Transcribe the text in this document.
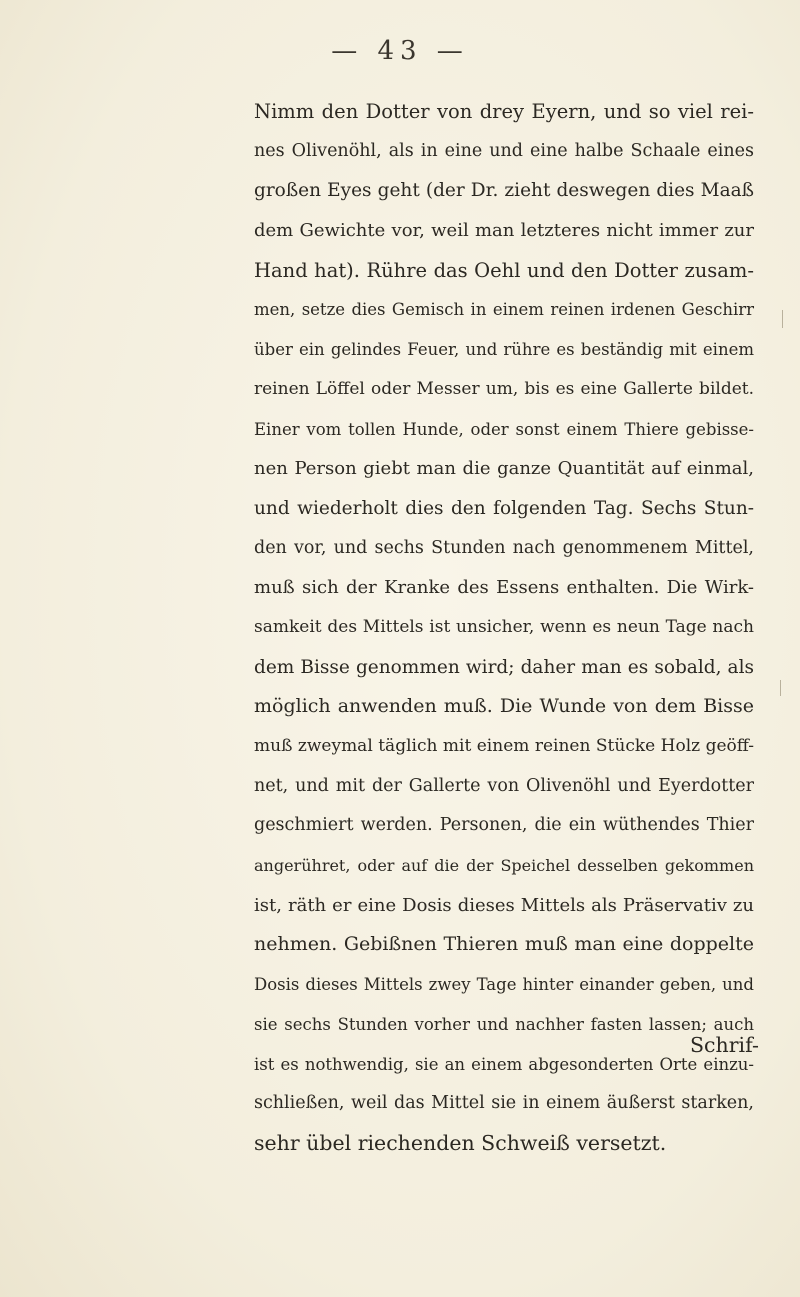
— 43 —
Nimm den Dotter von drey Eyern, und so viel rei-
nes Olivenöhl, als in eine und eine halbe Schaale eines
großen Eyes geht (der Dr. zieht deswegen dies Maaß
dem Gewichte vor, weil man letzteres nicht immer zur
Hand hat). Rühre das Oehl und den Dotter zusam-
men, setze dies Gemisch in einem reinen irdenen Geschirr
über ein gelindes Feuer, und rühre es beständig mit einem
reinen Löffel oder Messer um, bis es eine Gallerte bildet.
Einer vom tollen Hunde, oder sonst einem Thiere gebisse-
nen Person giebt man die ganze Quantität auf einmal,
und wiederholt dies den folgenden Tag. Sechs Stun-
den vor, und sechs Stunden nach genommenem Mittel,
muß sich der Kranke des Essens enthalten. Die Wirk-
samkeit des Mittels ist unsicher, wenn es neun Tage nach
dem Bisse genommen wird; daher man es sobald, als
möglich anwenden muß. Die Wunde von dem Bisse
muß zweymal täglich mit einem reinen Stücke Holz geöff-
net, und mit der Gallerte von Olivenöhl und Eyerdotter
geschmiert werden. Personen, die ein wüthendes Thier
angerühret, oder auf die der Speichel desselben gekommen
ist, räth er eine Dosis dieses Mittels als Präservativ zu
nehmen. Gebißnen Thieren muß man eine doppelte
Dosis dieses Mittels zwey Tage hinter einander geben, und
sie sechs Stunden vorher und nachher fasten lassen; auch
ist es nothwendig, sie an einem abgesonderten Orte einzu-
schließen, weil das Mittel sie in einem äußerst starken,
sehr übel riechenden Schweiß versetzt.
Schrif-
